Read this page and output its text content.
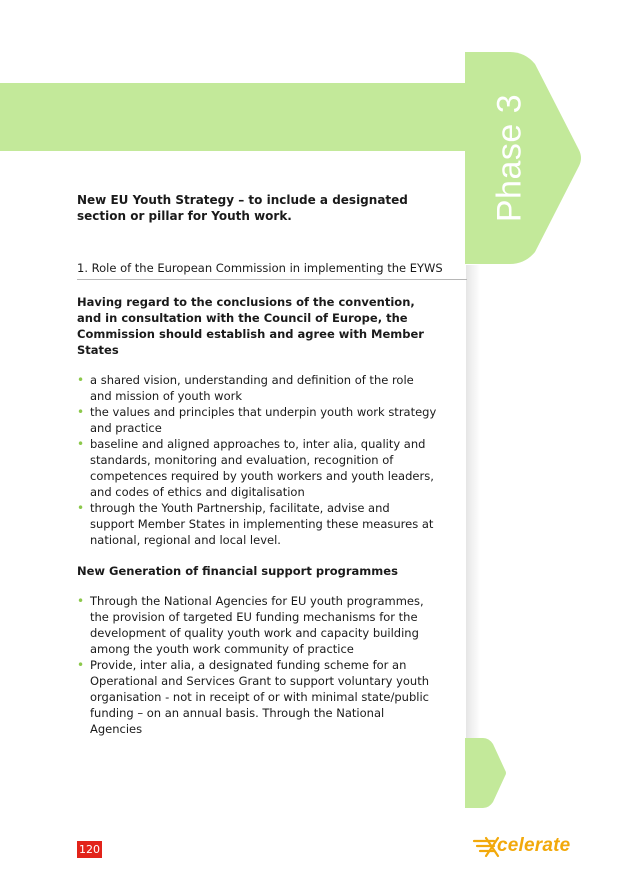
Phase 3

New EU Youth Strategy – to include a designated section or pillar for Youth work.

1. Role of the European Commission in implementing the EYWS
Having regard to the conclusions of the convention, and in consultation with the Council of Europe, the Commission should establish and agree with Member States
• a shared vision, understanding and definition of the role and mission of youth work
• the values and principles that underpin youth work strategy and practice
• baseline and aligned approaches to, inter alia, quality and standards, monitoring and evaluation, recognition of competences required by youth workers and youth leaders, and codes of ethics and digitalisation
• through the Youth Partnership, facilitate, advise and support Member States in implementing these measures at national, regional and local level.
New Generation of financial support programmes
• Through the National Agencies for EU youth programmes, the provision of targeted EU funding mechanisms for the development of quality youth work and capacity building among the youth work community of practice
• Provide, inter alia, a designated funding scheme for an Operational and Services Grant to support voluntary youth organisation - not in receipt of or with minimal state/public funding – on an annual basis. Through the National Agencies
120	celerate
